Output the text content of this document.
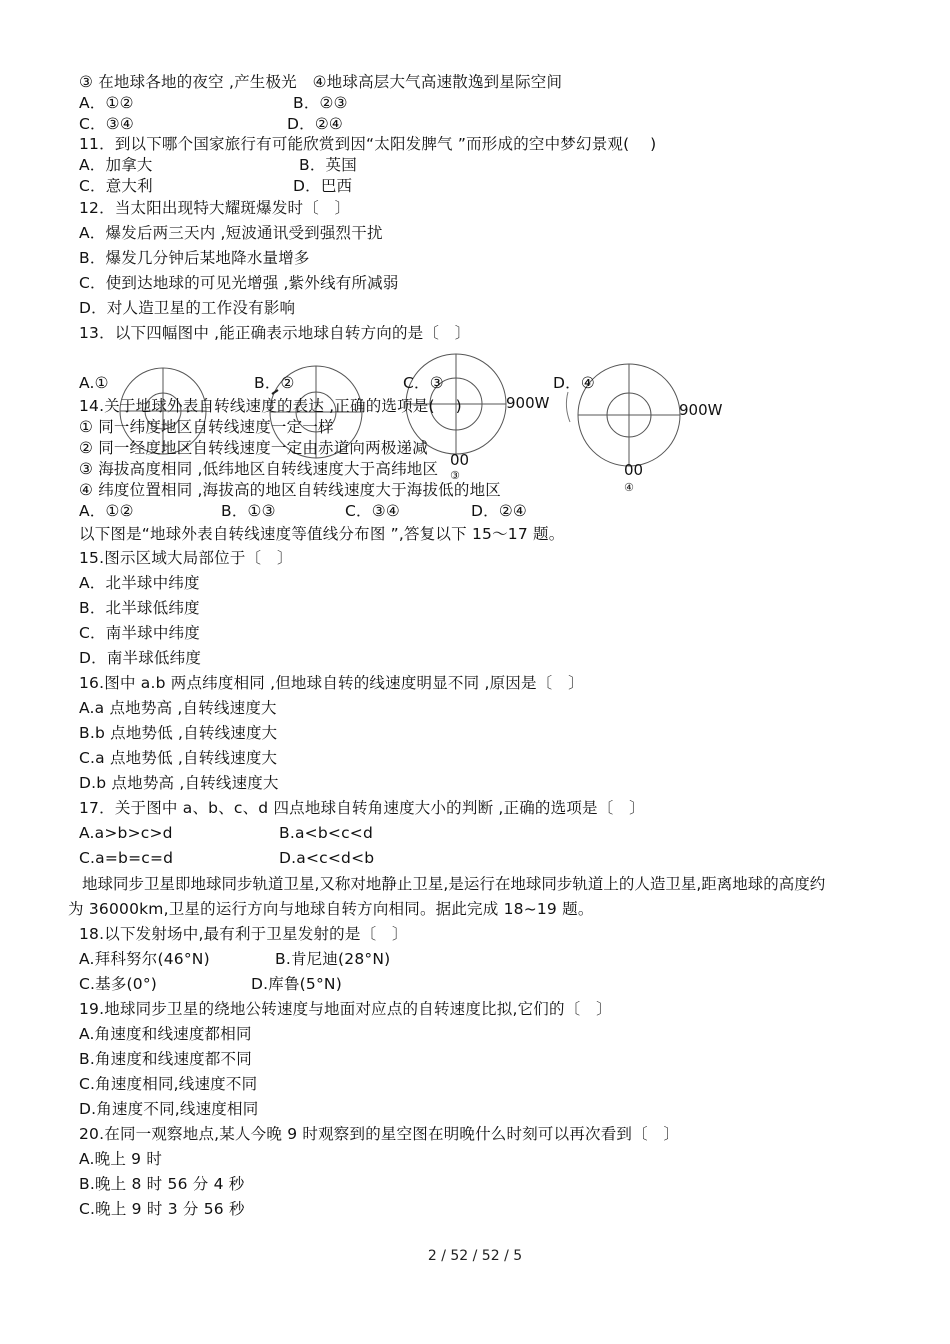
900W	900W
00
00
③
④
③ 在地球各地的夜空 ,产生极光　④地球高层大气高速散逸到星际空间
A．①②	B．②③
C．③④	D．②④
11．到以下哪个国家旅行有可能欣赏到因“太阳发脾气 ”而形成的空中梦幻景观(　 )
A．加拿大	B．英国
C．意大利	D．巴西
12．当太阳出现特大耀斑爆发时〔　〕
A．爆发后两三天内 ,短波通讯受到强烈干扰
B．爆发几分钟后某地降水量增多
C．使到达地球的可见光增强 ,紫外线有所减弱
D．对人造卫星的工作没有影响
13．以下四幅图中 ,能正确表示地球自转方向的是〔　〕
A.①	B．②	C．③	D．④
14.关于地球外表自转线速度的表达 ,正确的选项是(　 )
① 同一纬度地区自转线速度一定一样
② 同一经度地区自转线速度一定由赤道向两极递减
③ 海拔高度相同 ,低纬地区自转线速度大于高纬地区
④ 纬度位置相同 ,海拔高的地区自转线速度大于海拔低的地区
A．①②	B．①③	C．③④	D．②④
以下图是“地球外表自转线速度等值线分布图 ”,答复以下 15～17 题。
15.图示区域大局部位于〔　〕
A．北半球中纬度
B．北半球低纬度
C．南半球中纬度
D．南半球低纬度
16.图中 a.b 两点纬度相同 ,但地球自转的线速度明显不同 ,原因是〔　〕
A.a 点地势高 ,自转线速度大
B.b 点地势低 ,自转线速度大
C.a 点地势低 ,自转线速度大
D.b 点地势高 ,自转线速度大
17．关于图中 a、b、c、d 四点地球自转角速度大小的判断 ,正确的选项是〔　〕
A.a>b>c>d	B.a<b<c<d
C.a=b=c=d	D.a<c<d<b
地球同步卫星即地球同步轨道卫星,又称对地静止卫星,是运行在地球同步轨道上的人造卫星,距离地球的高度约
为 36000km,卫星的运行方向与地球自转方向相同。据此完成 18~19 题。
18.以下发射场中,最有利于卫星发射的是〔　〕
A.拜科努尔(46°N)	B.肯尼迪(28°N)
C.基多(0°)	D.库鲁(5°N)
19.地球同步卫星的绕地公转速度与地面对应点的自转速度比拟,它们的〔　〕
A.角速度和线速度都相同
B.角速度和线速度都不同
C.角速度相同,线速度不同
D.角速度不同,线速度相同
20.在同一观察地点,某人今晚 9 时观察到的星空图在明晚什么时刻可以再次看到〔　〕
A.晚上 9 时
B.晚上 8 时 56 分 4 秒
C.晚上 9 时 3 分 56 秒
2 / 52 / 52 / 5
